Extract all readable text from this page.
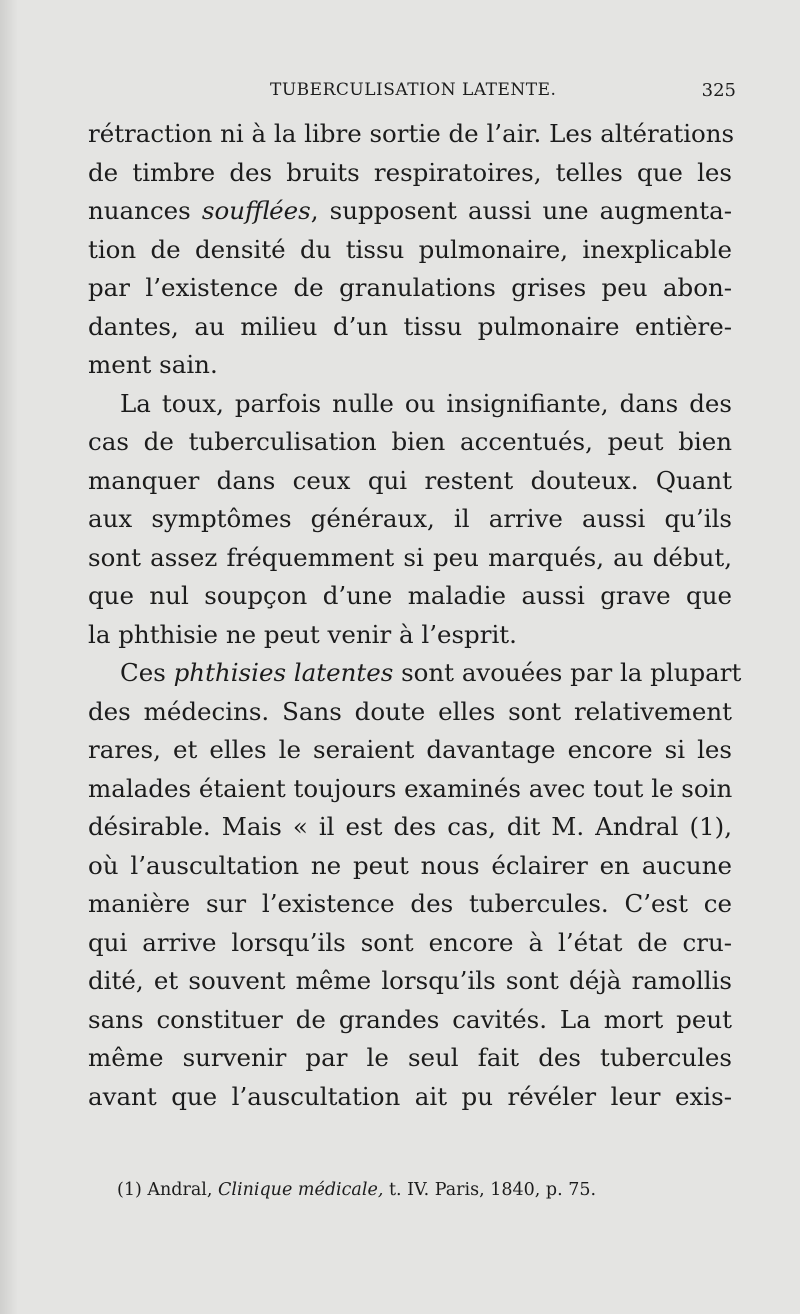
TUBERCULISATION LATENTE.	325
rétraction ni à la libre sortie de l’air. Les altérations
de timbre des bruits respiratoires, telles que les
nuances soufflées, supposent aussi une augmenta-
tion de densité du tissu pulmonaire, inexplicable
par l’existence de granulations grises peu abon-
dantes, au milieu d’un tissu pulmonaire entière-
ment sain.
La toux, parfois nulle ou insignifiante, dans des
cas de tuberculisation bien accentués, peut bien
manquer dans ceux qui restent douteux. Quant
aux symptômes généraux, il arrive aussi qu’ils
sont assez fréquemment si peu marqués, au début,
que nul soupçon d’une maladie aussi grave que
la phthisie ne peut venir à l’esprit.
Ces phthisies latentes sont avouées par la plupart
des médecins. Sans doute elles sont relativement
rares, et elles le seraient davantage encore si les
malades étaient toujours examinés avec tout le soin
désirable. Mais « il est des cas, dit M. Andral (1),
où l’auscultation ne peut nous éclairer en aucune
manière sur l’existence des tubercules. C’est ce
qui arrive lorsqu’ils sont encore à l’état de cru-
dité, et souvent même lorsqu’ils sont déjà ramollis
sans constituer de grandes cavités. La mort peut
même survenir par le seul fait des tubercules
avant que l’auscultation ait pu révéler leur exis-
(1) Andral, Clinique médicale, t. IV. Paris, 1840, p. 75.
